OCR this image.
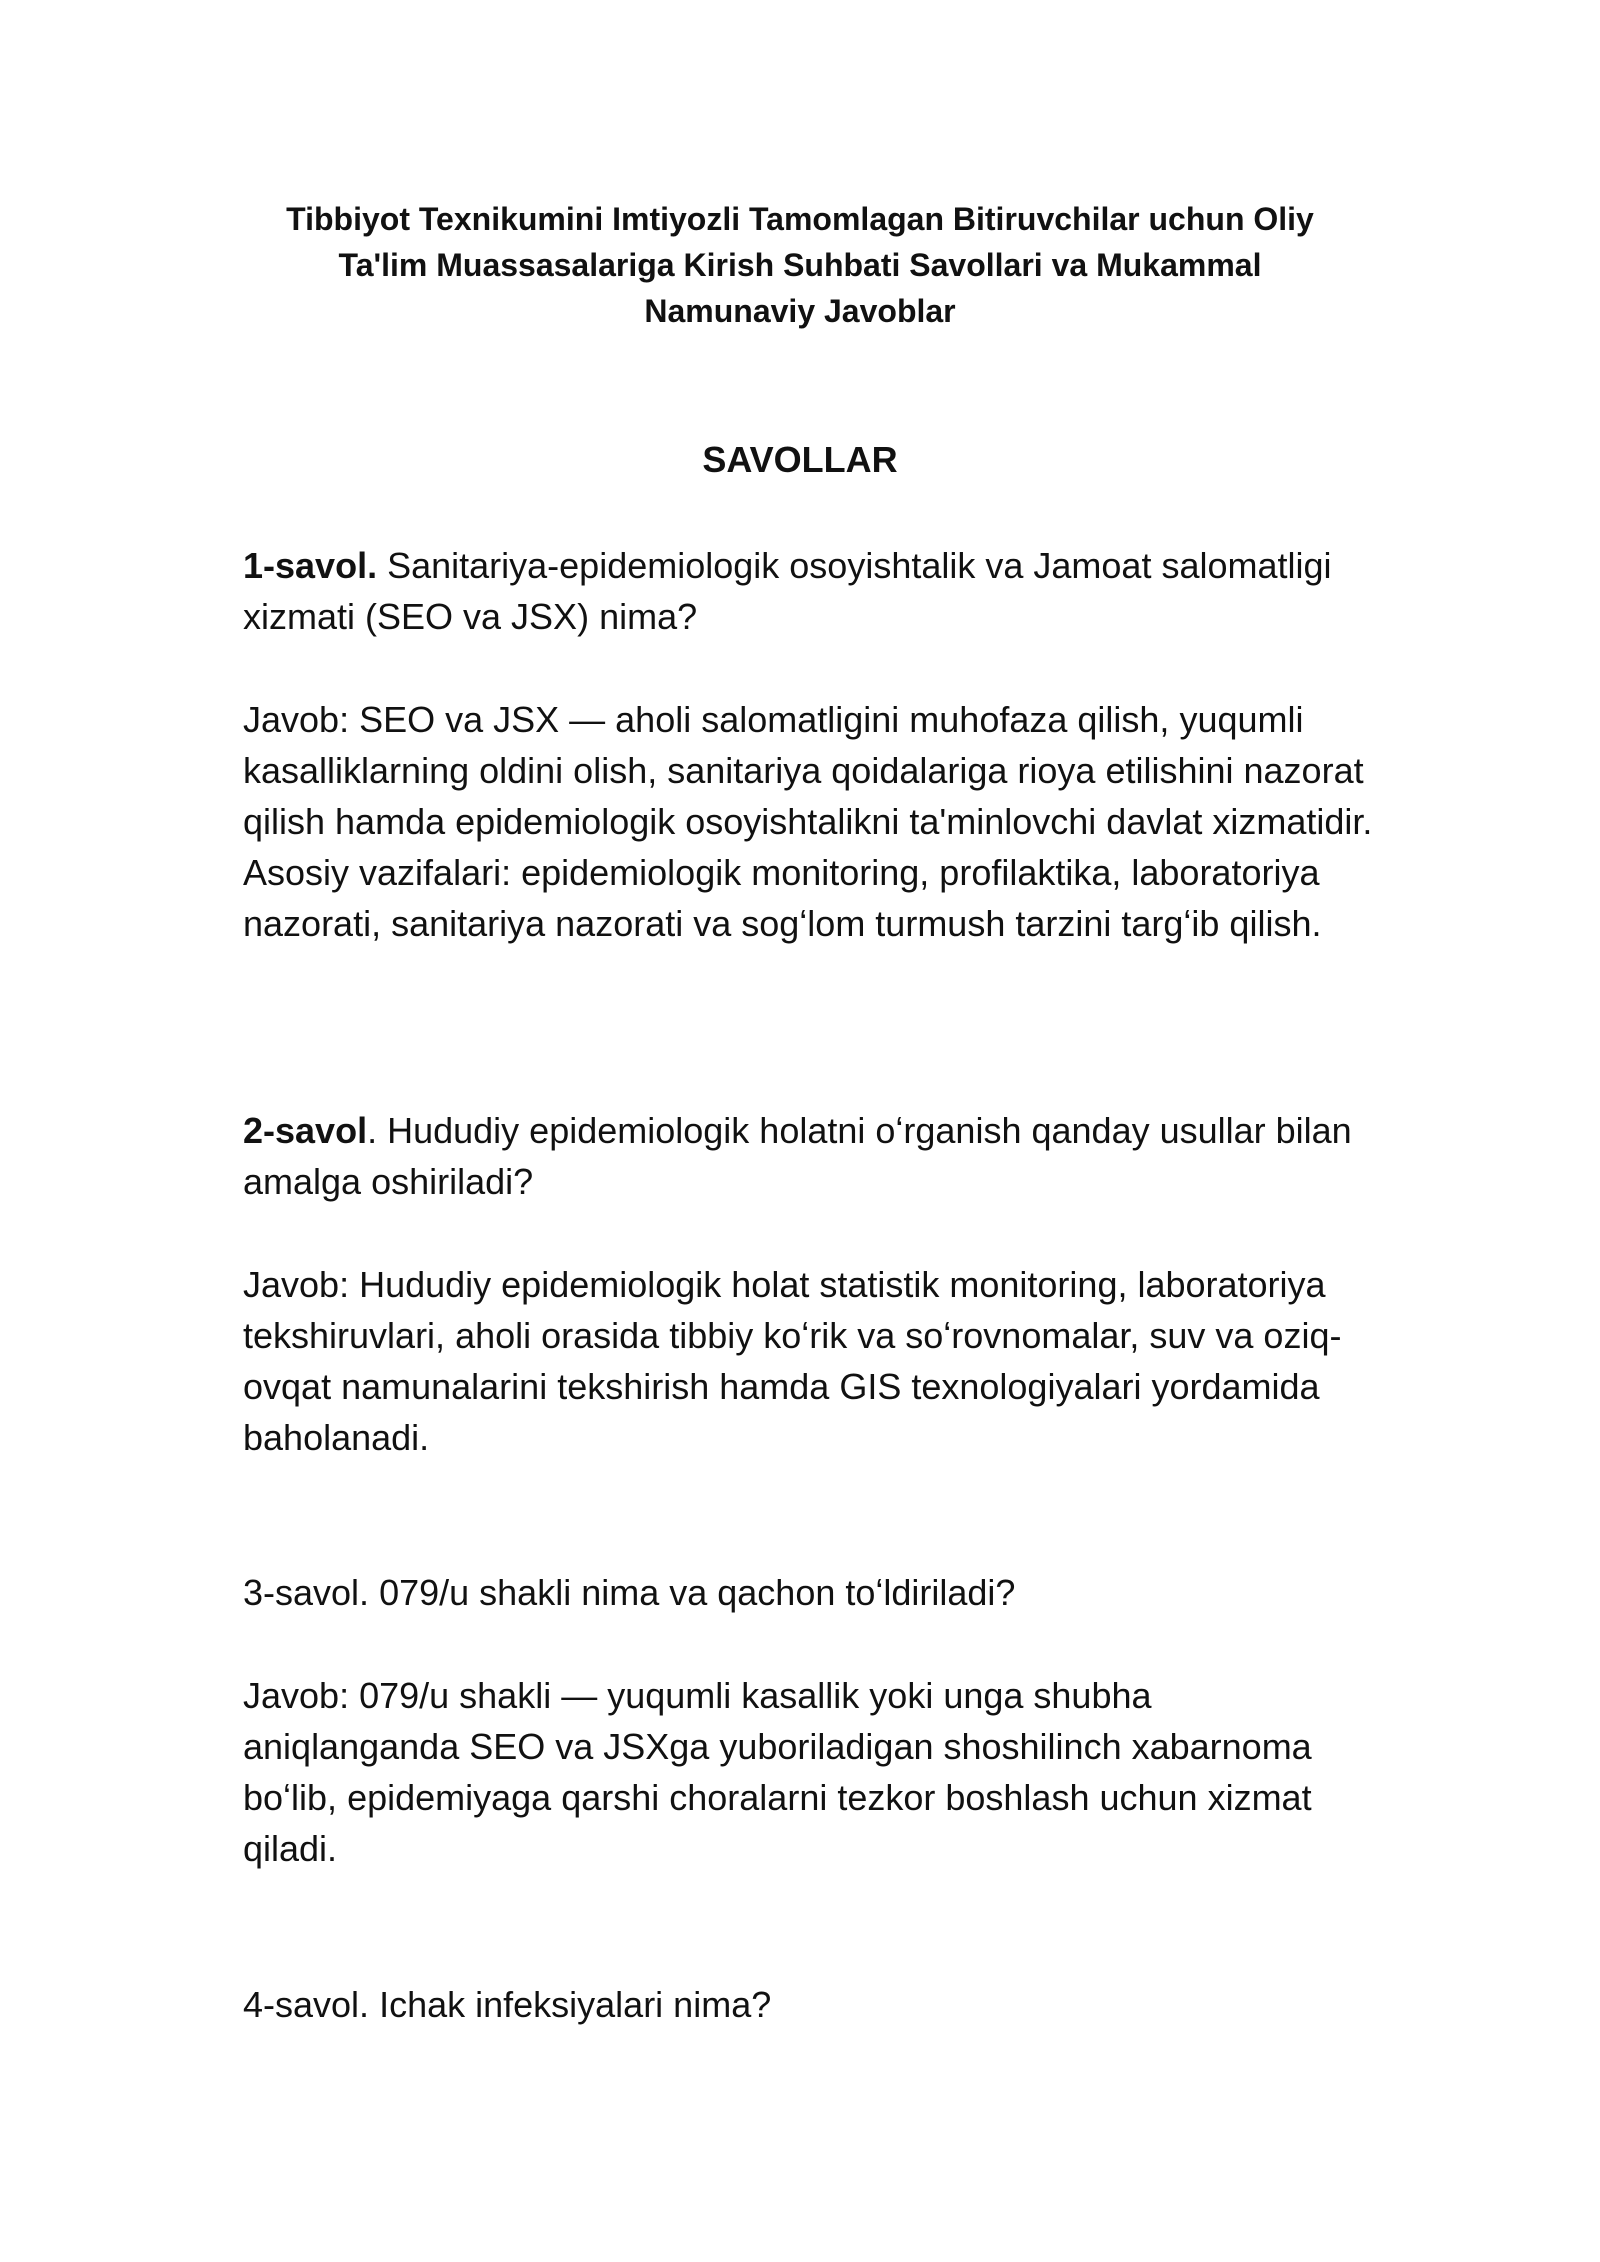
Tibbiyot Texnikumini Imtiyozli Tamomlagan Bitiruvchilar uchun Oliy Ta'lim Muassasalariga Kirish Suhbati Savollari va Mukammal Namunaviy Javoblar
SAVOLLAR

1-savol. Sanitariya-epidemiologik osoyishtalik va Jamoat salomatligi xizmati (SEO va JSX) nima?

Javob: SEO va JSX — aholi salomatligini muhofaza qilish, yuqumli kasalliklarning oldini olish, sanitariya qoidalariga rioya etilishini nazorat qilish hamda epidemiologik osoyishtalikni ta'minlovchi davlat xizmatidir. Asosiy vazifalari: epidemiologik monitoring, profilaktika, laboratoriya nazorati, sanitariya nazorati va sogʻlom turmush tarzini targʻib qilish.

2-savol. Hududiy epidemiologik holatni oʻrganish qanday usullar bilan amalga oshiriladi?

Javob: Hududiy epidemiologik holat statistik monitoring, laboratoriya tekshiruvlari, aholi orasida tibbiy koʻrik va soʻrovnomalar, suv va oziq-ovqat namunalarini tekshirish hamda GIS texnologiyalari yordamida baholanadi.

3-savol. 079/u shakli nima va qachon toʻldiriladi?

Javob: 079/u shakli — yuqumli kasallik yoki unga shubha aniqlanganda SEO va JSXga yuboriladigan shoshilinch xabarnoma boʻlib, epidemiyaga qarshi choralarni tezkor boshlash uchun xizmat qiladi.

4-savol. Ichak infeksiyalari nima?
